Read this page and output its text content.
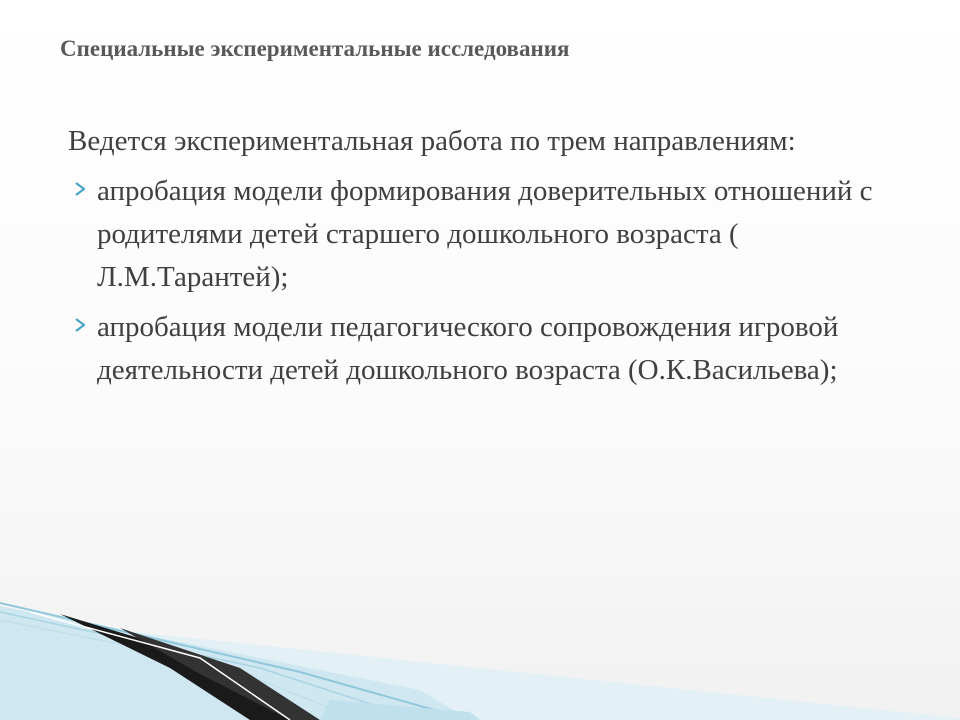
Специальные экспериментальные исследования

Ведется экспериментальная работа по трем направлениям:

апробация модели формирования доверительных отношений с родителями детей старшего дошкольного возраста ( Л.М.Тарантей);
апробация модели педагогического сопровождения игровой деятельности детей дошкольного возраста (О.К.Васильева);
